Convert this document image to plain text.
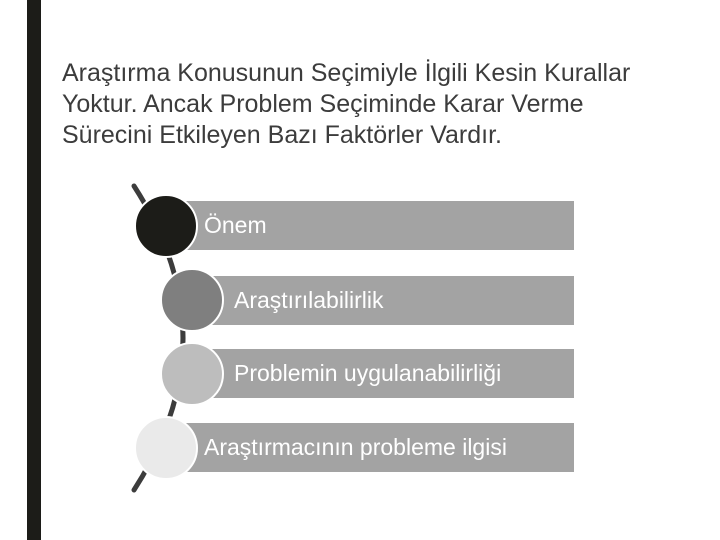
Araştırma Konusunun Seçimiyle İlgili Kesin Kurallar
Yoktur. Ancak Problem Seçiminde Karar Verme
Sürecini Etkileyen Bazı Faktörler Vardır.
Önem
Araştırılabilirlik
Problemin uygulanabilirliği
Araştırmacının probleme ilgisi
